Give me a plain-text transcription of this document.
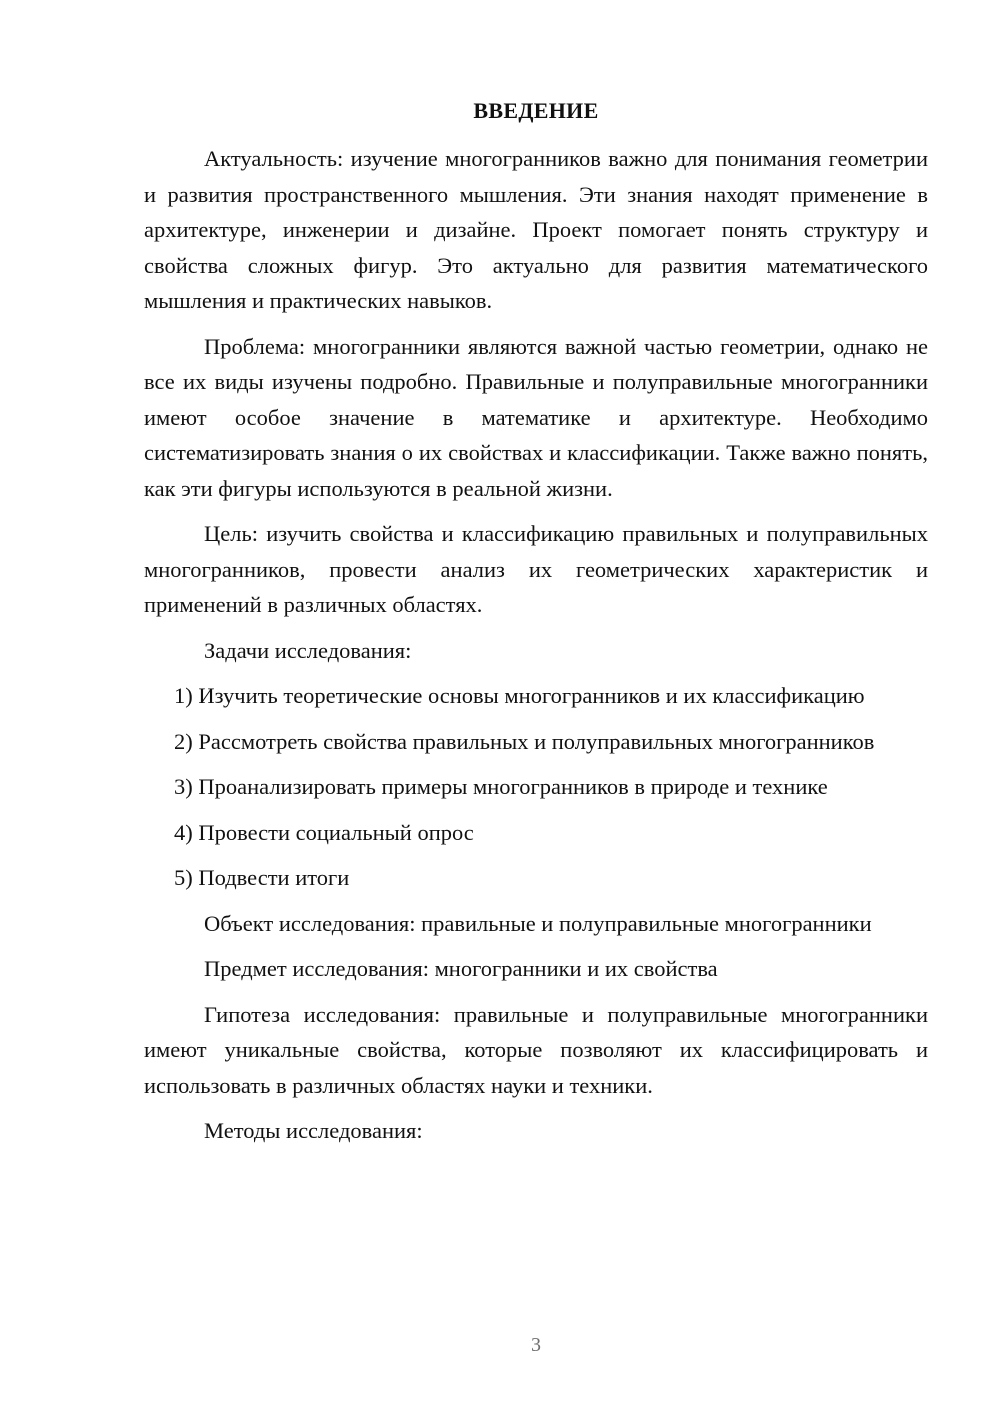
ВВЕДЕНИЕ

Актуальность: изучение многогранников важно для понимания геометрии и развития пространственного мышления. Эти знания находят применение в архитектуре, инженерии и дизайне. Проект помогает понять структуру и свойства сложных фигур. Это актуально для развития математического мышления и практических навыков.

Проблема: многогранники являются важной частью геометрии, однако не все их виды изучены подробно. Правильные и полуправильные многогранники имеют особое значение в математике и архитектуре. Необходимо систематизировать знания о их свойствах и классификации. Также важно понять, как эти фигуры используются в реальной жизни.

Цель: изучить свойства и классификацию правильных и полуправильных многогранников, провести анализ их геометрических характеристик и применений в различных областях.

Задачи исследования:

1) Изучить теоретические основы многогранников и их классификацию

2) Рассмотреть свойства правильных и полуправильных многогранников

3) Проанализировать примеры многогранников в природе и технике

4) Провести социальный опрос

5) Подвести итоги

Объект исследования: правильные и полуправильные многогранники

Предмет исследования: многогранники и их свойства

Гипотеза исследования: правильные и полуправильные многогранники имеют уникальные свойства, которые позволяют их классифицировать и использовать в различных областях науки и техники.

Методы исследования:

3
